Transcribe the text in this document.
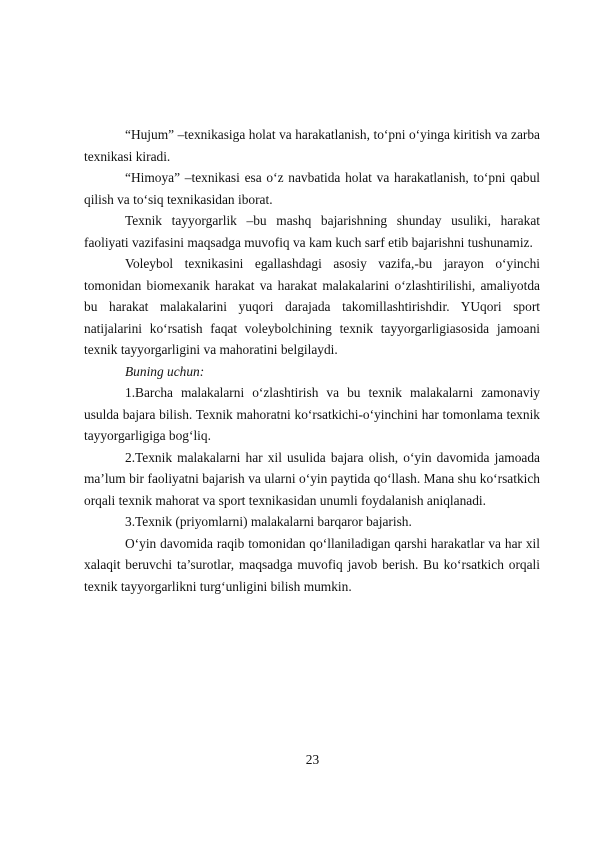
“Hujum” –texnikasiga holat va harakatlanish, to‘pni o‘yinga kiritish va zarba texnikasi kiradi.

“Himoya” –texnikasi esa o‘z navbatida holat va harakatlanish, to‘pni qabul qilish va to‘siq texnikasidan iborat.

Texnik tayyorgarlik –bu mashq bajarishning shunday usuliki, harakat faoliyati vazifasini maqsadga muvofiq va kam kuch sarf etib bajarishni tushunamiz.

Voleybol texnikasini egallashdagi asosiy vazifa,-bu jarayon o‘yinchi tomonidan biomexanik harakat va harakat malakalarini o‘zlashtirilishi, amaliyotda bu harakat malakalarini yuqori darajada takomillashtirishdir. YUqori sport natijalarini ko‘rsatish faqat voleybolchining texnik tayyorgarligiasosida jamoani texnik tayyorgarligini va mahoratini belgilaydi.

Buning uchun:

1.Barcha malakalarni o‘zlashtirish va bu texnik malakalarni zamonaviy usulda bajara bilish. Texnik mahoratni ko‘rsatkichi-o‘yinchini har tomonlama texnik tayyorgarligiga bog‘liq.

2.Texnik malakalarni har xil usulida bajara olish, o‘yin davomida jamoada ma’lum bir faoliyatni bajarish va ularni o‘yin paytida qo‘llash. Mana shu ko‘rsatkich orqali texnik mahorat va sport texnikasidan unumli foydalanish aniqlanadi.

3.Texnik (priyomlarni) malakalarni barqaror bajarish.

O‘yin davomida raqib tomonidan qo‘llaniladigan qarshi harakatlar va har xil xalaqit beruvchi ta’surotlar, maqsadga muvofiq javob berish. Bu ko‘rsatkich orqali texnik tayyorgarlikni turg‘unligini bilish mumkin.

23
